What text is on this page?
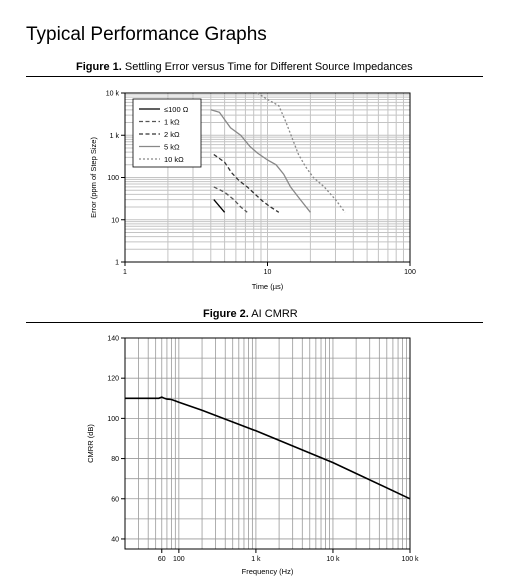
Typical Performance Graphs
Figure 1. Settling Error versus Time for Different Source Impedances
Figure 2. AI CMRR
1	10	100
1
10
100
1 k
10 k
Time (µs)
Error (ppm of Step Size)
≤100 Ω
1 kΩ
2 kΩ
5 kΩ
10 kΩ
60 100	1 k	10 k	100 k
40
60
80
100
120
140
Frequency (Hz)
CMRR (dB)
